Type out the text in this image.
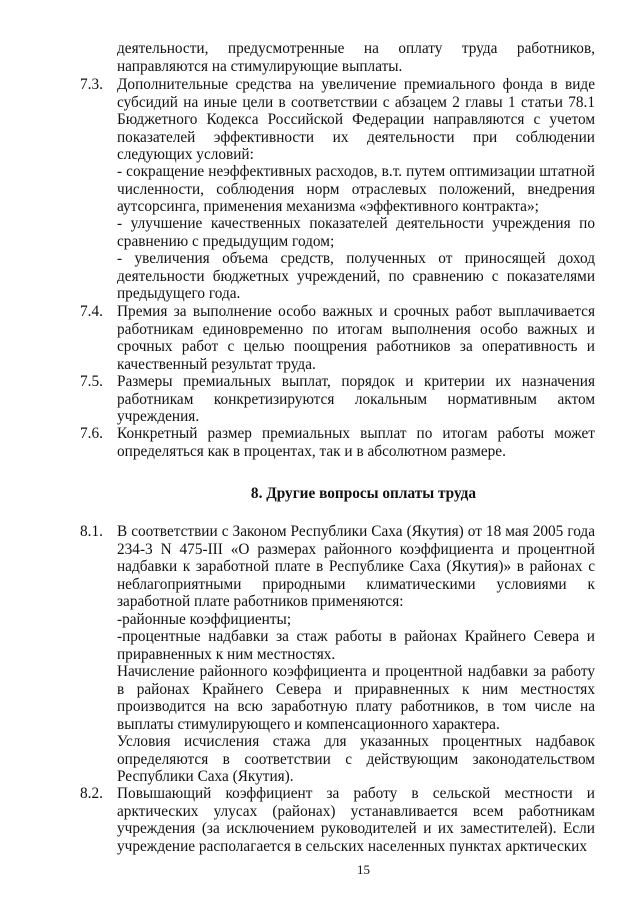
деятельности, предусмотренные на оплату труда работников, направляются на стимулирующие выплаты.

7.3. Дополнительные средства на увеличение премиального фонда в виде субсидий на иные цели в соответствии с абзацем 2 главы 1 статьи 78.1 Бюджетного Кодекса Российской Федерации направляются с учетом показателей эффективности их деятельности при соблюдении следующих условий:

- сокращение неэффективных расходов, в.т. путем оптимизации штатной численности, соблюдения норм отраслевых положений, внедрения аутсорсинга, применения механизма «эффективного контракта»;

- улучшение качественных показателей деятельности учреждения по сравнению с предыдущим годом;

- увеличения объема средств, полученных от приносящей доход деятельности бюджетных учреждений, по сравнению с показателями предыдущего года.

7.4. Премия за выполнение особо важных и срочных работ выплачивается работникам единовременно по итогам выполнения особо важных и срочных работ с целью поощрения работников за оперативность и качественный результат труда.

7.5. Размеры премиальных выплат, порядок и критерии их назначения работникам конкретизируются локальным нормативным актом учреждения.

7.6. Конкретный размер премиальных выплат по итогам работы может определяться как в процентах, так и в абсолютном размере.

8. Другие вопросы оплаты труда
8.1. В соответствии с Законом Республики Саха (Якутия) от 18 мая 2005 года 234-3 N 475-III «О размерах районного коэффициента и процентной надбавки к заработной плате в Республике Саха (Якутия)» в районах с неблагоприятными природными климатическими условиями к заработной плате работников применяются:

-районные коэффициенты;

-процентные надбавки за стаж работы в районах Крайнего Севера и приравненных к ним местностях.

Начисление районного коэффициента и процентной надбавки за работу в районах Крайнего Севера и приравненных к ним местностях производится на всю заработную плату работников, в том числе на выплаты стимулирующего и компенсационного характера.

Условия исчисления стажа для указанных процентных надбавок определяются в соответствии с действующим законодательством Республики Саха (Якутия).

8.2. Повышающий коэффициент за работу в сельской местности и арктических улусах (районах) устанавливается всем работникам учреждения (за исключением руководителей и их заместителей). Если учреждение располагается в сельских населенных пунктах арктических

15
